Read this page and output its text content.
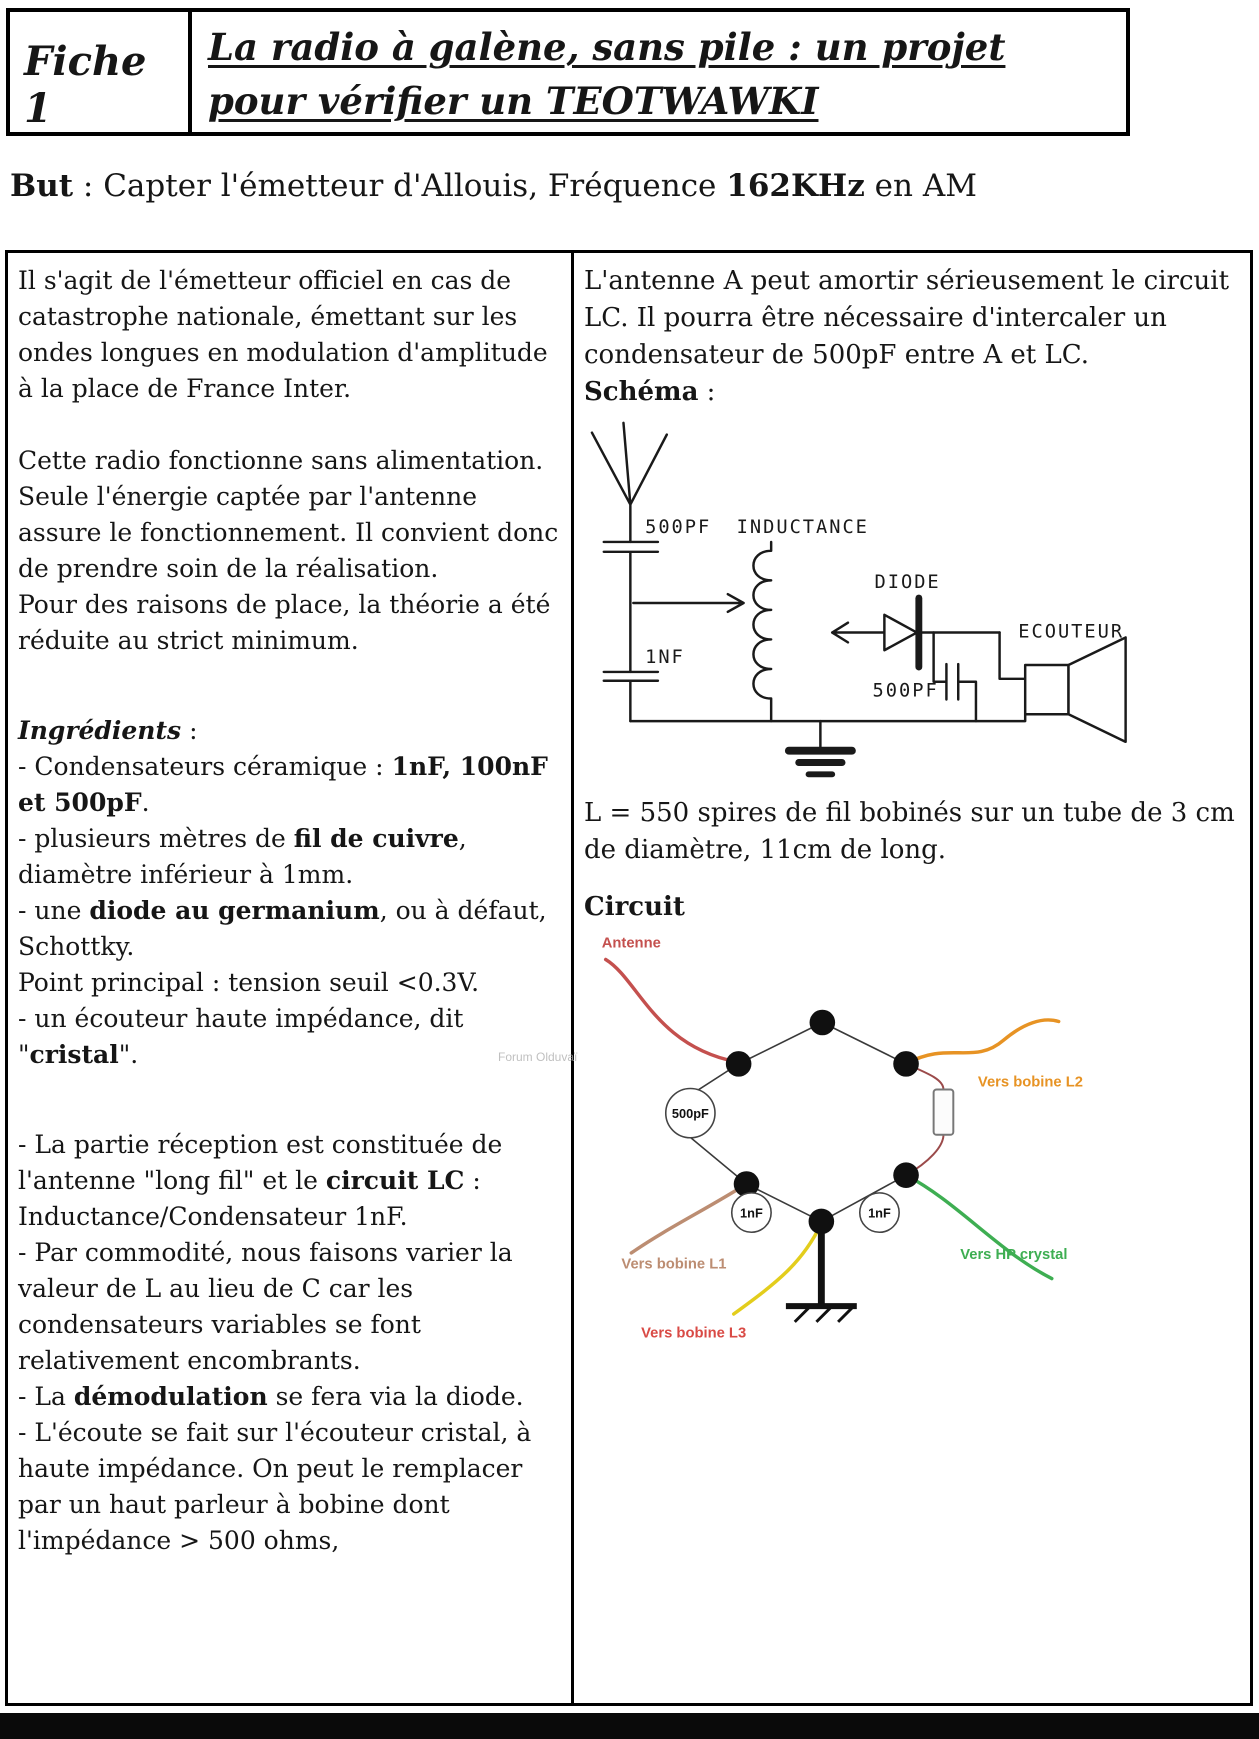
Fiche 1
La radio à galène, sans pile : un projet
pour vérifier un TEOTWAWKI
But : Capter l'émetteur d'Allouis, Fréquence 162KHz en AM

Il s'agit de l'émetteur officiel en cas de catastrophe nationale, émettant sur les ondes longues en modulation d'amplitude à la place de France Inter.

Cette radio fonctionne sans alimentation. Seule l'énergie captée par l'antenne assure le fonctionnement. Il convient donc de prendre soin de la réalisation.

Pour des raisons de place, la théorie a été réduite au strict minimum.

Ingrédients :

- Condensateurs céramique : 1nF, 100nF et 500pF.

- plusieurs mètres de fil de cuivre, diamètre inférieur à 1mm.

- une diode au germanium, ou à défaut, Schottky.

Point principal : tension seuil <0.3V.

- un écouteur haute impédance, dit "cristal".

- La partie réception est constituée de l'antenne "long fil" et le circuit LC : Inductance/Condensateur 1nF.

- Par commodité, nous faisons varier la valeur de L au lieu de C car les condensateurs variables se font relativement encombrants.

- La démodulation se fera via la diode.

- L'écoute se fait sur l'écouteur cristal, à haute impédance. On peut le remplacer par un haut parleur à bobine dont l'impédance > 500 ohms,

L'antenne A peut amortir sérieusement le circuit LC. Il pourra être nécessaire d'intercaler un condensateur de 500pF entre A et LC.

Schéma :

500PF INDUCTANCE
DIODE
1NF
500PF
ECOUTEUR

L = 550 spires de fil bobinés sur un tube de 3 cm de diamètre, 11cm de long.

Circuit

500pF
1nF	1nF
Antenne
Vers bobine L2
Vers bobine L1
Vers bobine L3
Vers HP crystal
Forum Olduvaï
